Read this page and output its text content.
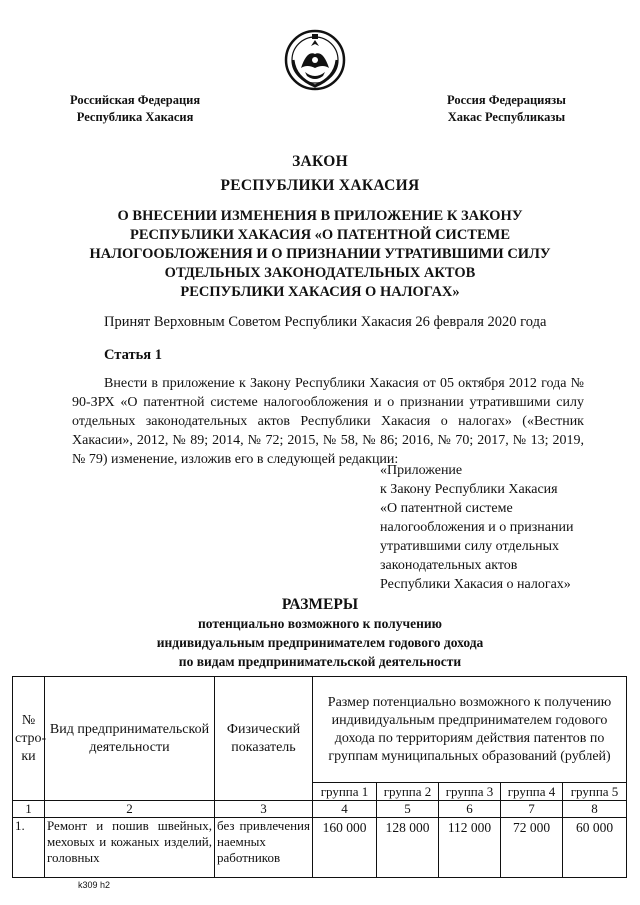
Российская Федерация
Республика Хакасия
Россия Федерациязы
Хакас Республиказы
ЗАКОН
РЕСПУБЛИКИ ХАКАСИЯ
О ВНЕСЕНИИ ИЗМЕНЕНИЯ В ПРИЛОЖЕНИЕ К ЗАКОНУ
РЕСПУБЛИКИ ХАКАСИЯ «О ПАТЕНТНОЙ СИСТЕМЕ
НАЛОГООБЛОЖЕНИЯ И О ПРИЗНАНИИ УТРАТИВШИМИ СИЛУ
ОТДЕЛЬНЫХ ЗАКОНОДАТЕЛЬНЫХ АКТОВ
РЕСПУБЛИКИ ХАКАСИЯ О НАЛОГАХ»
Принят Верховным Советом Республики Хакасия 26 февраля 2020 года
Статья 1

Внести в приложение к Закону Республики Хакасия от 05 октября 2012 года № 90-ЗРХ «О патентной системе налогообложения и о признании утратившими силу отдельных законодательных актов Республики Хакасия о налогах» («Вестник Хакасии», 2012, № 89; 2014, № 72; 2015, № 58, № 86; 2016, № 70; 2017, № 13; 2019, № 79) изменение, изложив его в следующей редакции:

«Приложение
к Закону Республики Хакасия
«О патентной системе
налогообложения и о признании
утратившими силу отдельных
законодательных актов
Республики Хакасия о налогах»
РАЗМЕРЫ
потенциально возможного к получению
индивидуальным предпринимателем годового дохода
по видам предпринимательской деятельности
№ стро-ки	Вид предпринимательской деятельности	Физический показатель	Размер потенциально возможного к получению индивидуальным предпринимателем годового дохода по территориям действия патентов по группам муниципальных образований (рублей)				
			группа 1	группа 2	группа 3	группа 4	группа 5
1	2	3	4	5	6	7	8
1.	Ремонт и пошив швейных, меховых и кожаных изделий, головных	без привлечения наемных работников	160 000	128 000	112 000	72 000	60 000
k309 h2
